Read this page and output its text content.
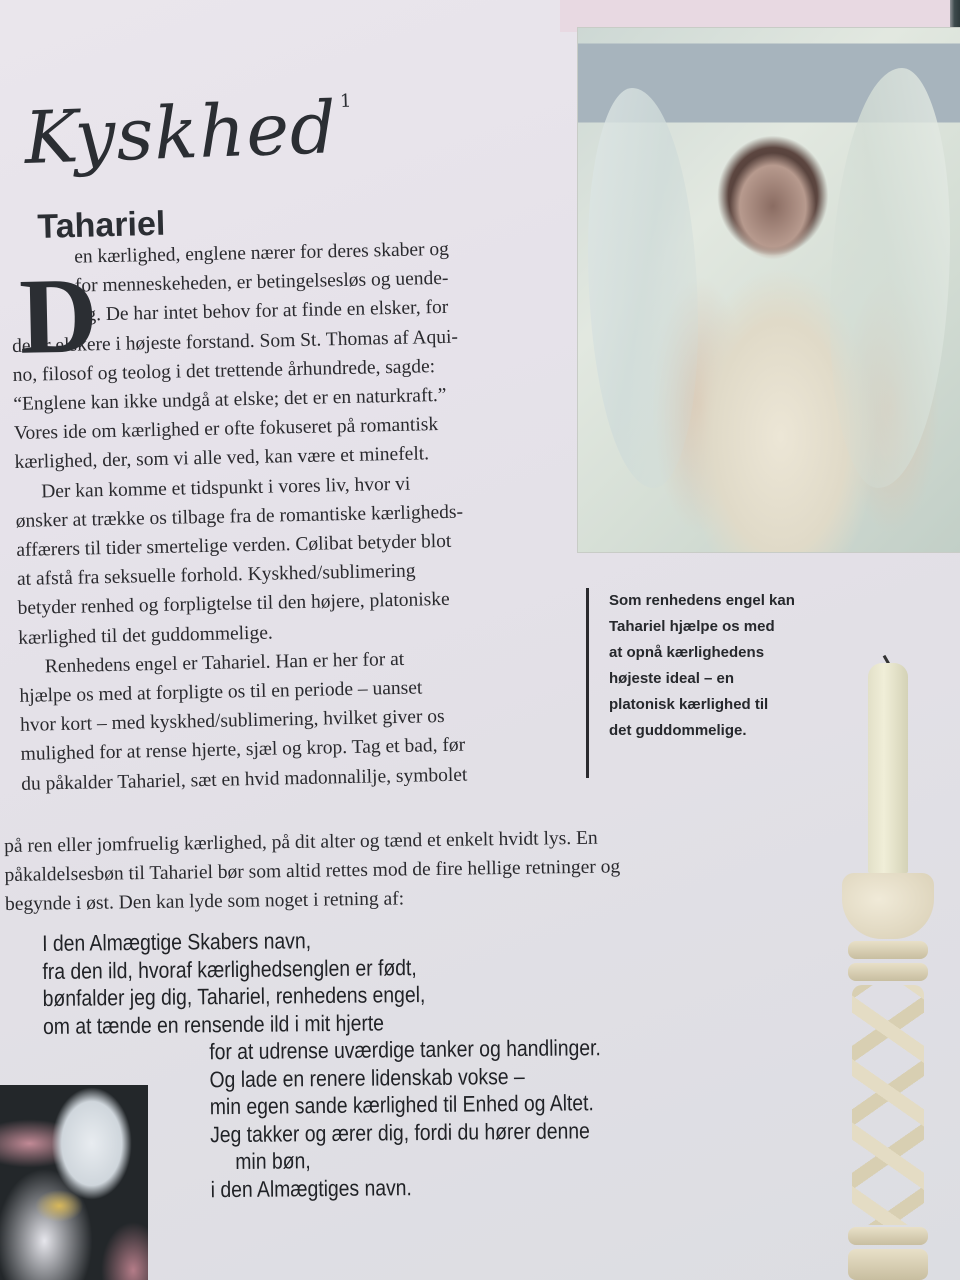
Kyskhed$^1$
Tahariel
D
en kærlighed, englene nærer for deres skaber og
for menneskeheden, er betingelsesløs og uende-
lig. De har intet behov for at finde en elsker, for
de er elskere i højeste forstand. Som St. Thomas af Aqui-
no, filosof og teolog i det trettende århundrede, sagde:
“Englene kan ikke undgå at elske; det er en naturkraft.”
Vores ide om kærlighed er ofte fokuseret på romantisk
kærlighed, der, som vi alle ved, kan være et minefelt.
Der kan komme et tidspunkt i vores liv, hvor vi
ønsker at trække os tilbage fra de romantiske kærligheds-
affærers til tider smertelige verden. Cølibat betyder blot
at afstå fra seksuelle forhold. Kyskhed/sublimering
betyder renhed og forpligtelse til den højere, platoniske
kærlighed til det guddommelige.
Renhedens engel er Tahariel. Han er her for at
hjælpe os med at forpligte os til en periode – uanset
hvor kort – med kyskhed/sublimering, hvilket giver os
mulighed for at rense hjerte, sjæl og krop. Tag et bad, før
du påkalder Tahariel, sæt en hvid madonnalilje, symbolet
på ren eller jomfruelig kærlighed, på dit alter og tænd et enkelt hvidt lys. En
påkaldelsesbøn til Tahariel bør som altid rettes mod de fire hellige retninger og
begynde i øst. Den kan lyde som noget i retning af:
I den Almægtige Skabers navn,
fra den ild, hvoraf kærlighedsenglen er født,
bønfalder jeg dig, Tahariel, renhedens engel,
om at tænde en rensende ild i mit hjerte
for at udrense uværdige tanker og handlinger.
Og lade en renere lidenskab vokse –
min egen sande kærlighed til Enhed og Altet.
Jeg takker og ærer dig, fordi du hører denne
min bøn,
i den Almægtiges navn.
Som renhedens engel kan
Tahariel hjælpe os med
at opnå kærlighedens
højeste ideal – en
platonisk kærlighed til
det guddommelige.
